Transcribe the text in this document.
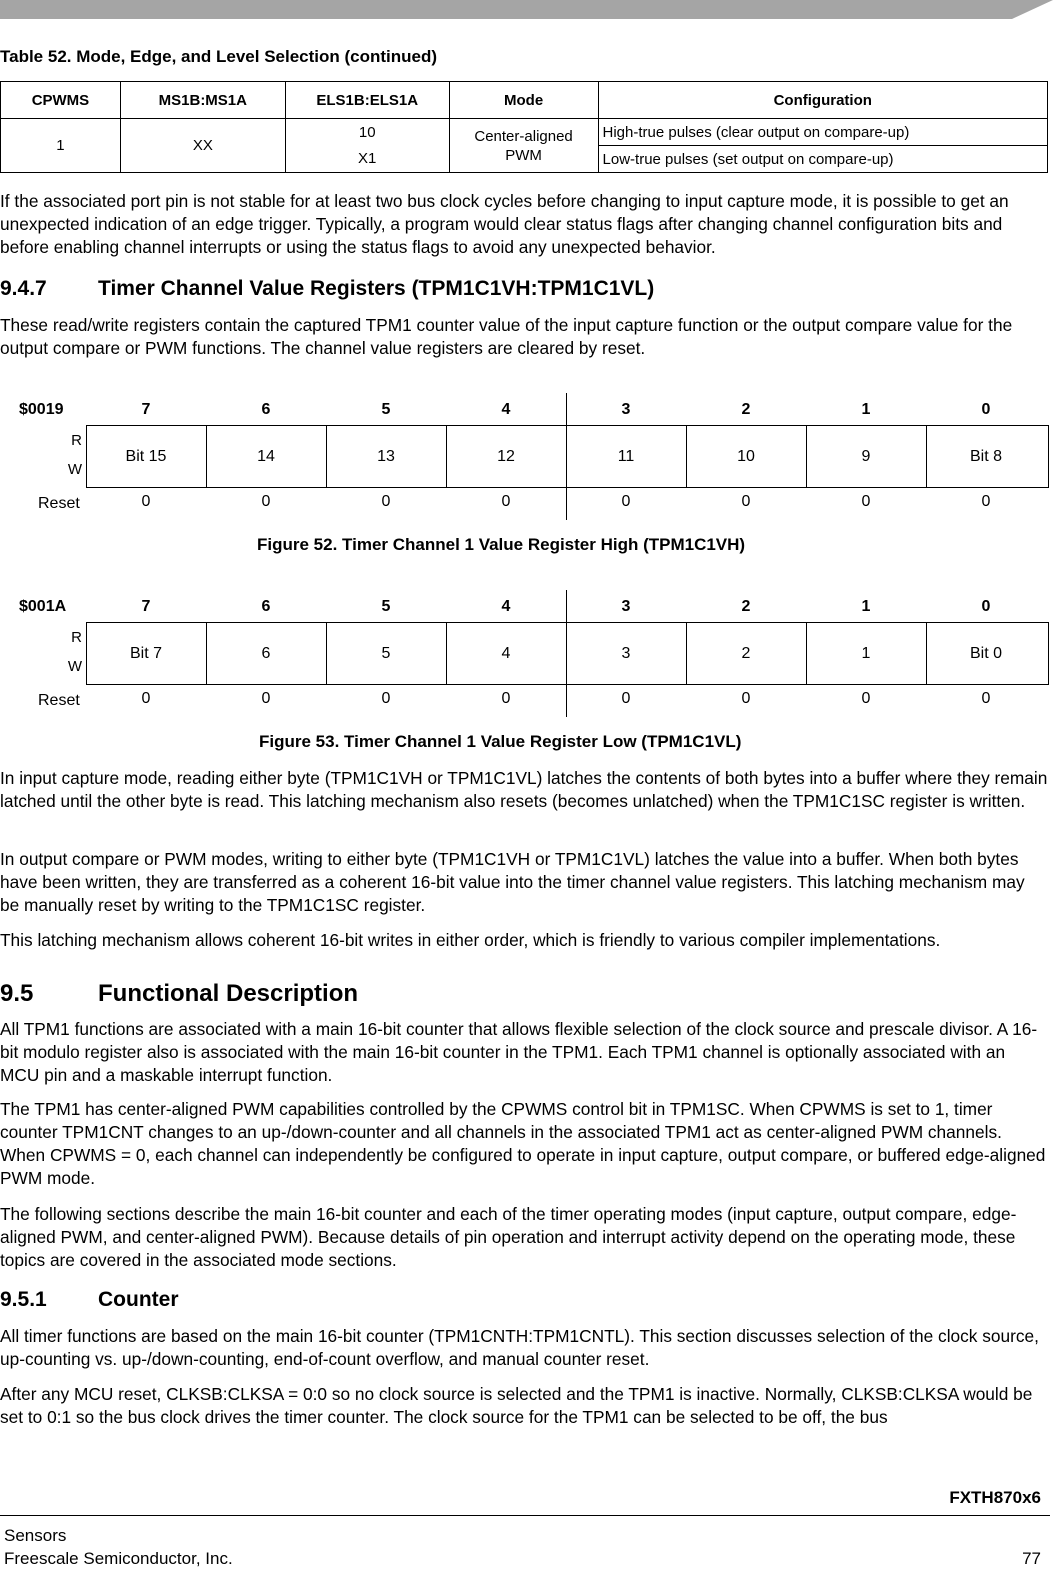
Table 52. Mode, Edge, and Level Selection (continued)
CPWMS	MS1B:MS1A	ELS1B:ELS1A	Mode	Configuration
1	XX	10	Center-aligned PWM	High-true pulses (clear output on compare-up)
		X1		Low-true pulses (set output on compare-up)

If the associated port pin is not stable for at least two bus clock cycles before changing to input capture mode, it is possible to get an unexpected indication of an edge trigger. Typically, a program would clear status flags after changing channel configuration bits and before enabling channel interrupts or using the status flags to avoid any unexpected behavior.

9.4.7 Timer Channel Value Registers (TPM1C1VH:TPM1C1VL)

These read/write registers contain the captured TPM1 counter value of the input capture function or the output compare value for the output compare or PWM functions. The channel value registers are cleared by reset.

$0019	7	6	5	4	3	2	1	0
R
W
Bit 15	14	13	12	11	10	9	Bit 8
Reset	0	0	0	0	0	0	0	0
Figure 52. Timer Channel 1 Value Register High (TPM1C1VH)
$001A	7	6	5	4	3	2	1	0
R
W
Bit 7	6	5	4	3	2	1	Bit 0
Reset	0	0	0	0	0	0	0	0
Figure 53. Timer Channel 1 Value Register Low (TPM1C1VL)

In input capture mode, reading either byte (TPM1C1VH or TPM1C1VL) latches the contents of both bytes into a buffer where they remain latched until the other byte is read. This latching mechanism also resets (becomes unlatched) when the TPM1C1SC register is written.

In output compare or PWM modes, writing to either byte (TPM1C1VH or TPM1C1VL) latches the value into a buffer. When both bytes have been written, they are transferred as a coherent 16-bit value into the timer channel value registers. This latching mechanism may be manually reset by writing to the TPM1C1SC register.

This latching mechanism allows coherent 16-bit writes in either order, which is friendly to various compiler implementations.

9.5	Functional Description

All TPM1 functions are associated with a main 16-bit counter that allows flexible selection of the clock source and prescale divisor. A 16-bit modulo register also is associated with the main 16-bit counter in the TPM1. Each TPM1 channel is optionally associated with an MCU pin and a maskable interrupt function.

The TPM1 has center-aligned PWM capabilities controlled by the CPWMS control bit in TPM1SC. When CPWMS is set to 1, timer counter TPM1CNT changes to an up-/down-counter and all channels in the associated TPM1 act as center-aligned PWM channels. When CPWMS = 0, each channel can independently be configured to operate in input capture, output compare, or buffered edge-aligned PWM mode.

The following sections describe the main 16-bit counter and each of the timer operating modes (input capture, output compare, edge-aligned PWM, and center-aligned PWM). Because details of pin operation and interrupt activity depend on the operating mode, these topics are covered in the associated mode sections.

9.5.1 Counter

All timer functions are based on the main 16-bit counter (TPM1CNTH:TPM1CNTL). This section discusses selection of the clock source, up-counting vs. up-/down-counting, end-of-count overflow, and manual counter reset.

After any MCU reset, CLKSB:CLKSA = 0:0 so no clock source is selected and the TPM1 is inactive. Normally, CLKSB:CLKSA would be set to 0:1 so the bus clock drives the timer counter. The clock source for the TPM1 can be selected to be off, the bus

FXTH870x6
Sensors
Freescale Semiconductor, Inc.	77
